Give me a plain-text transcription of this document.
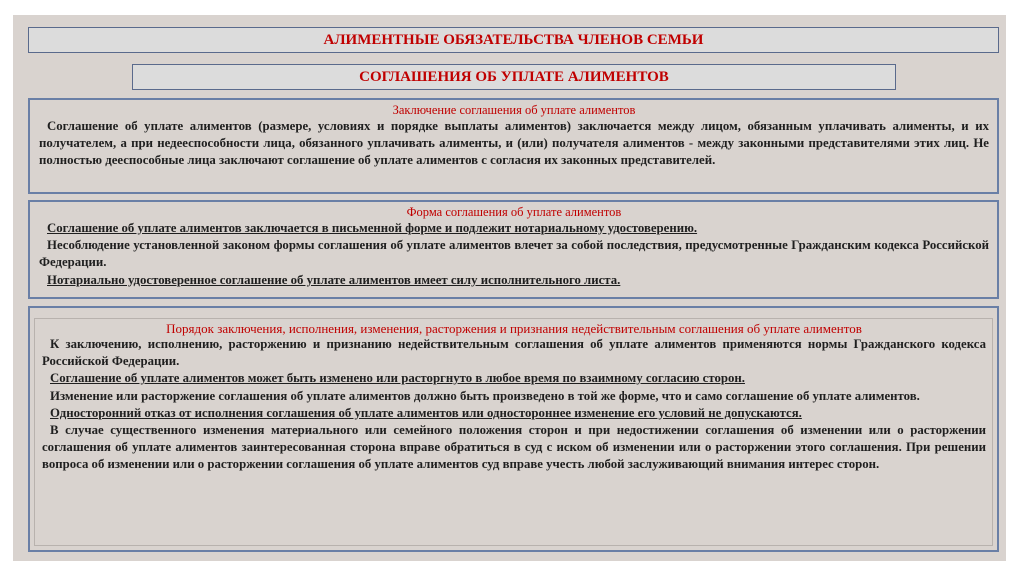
АЛИМЕНТНЫЕ ОБЯЗАТЕЛЬСТВА ЧЛЕНОВ СЕМЬИ
СОГЛАШЕНИЯ ОБ УПЛАТЕ АЛИМЕНТОВ

Заключение соглашения об уплате алиментов

Соглашение об уплате алиментов (размере, условиях и порядке выплаты алиментов) заключается между лицом, обязанным уплачивать алименты, и их получателем, а при недееспособности лица, обязанного уплачивать алименты, и (или) получателя алиментов - между законными представителями этих лиц. Не полностью дееспособные лица заключают соглашение об уплате алиментов с согласия их законных представителей.

Форма соглашения об уплате алиментов

Соглашение об уплате алиментов заключается в письменной форме и подлежит нотариальному удостоверению.

Несоблюдение установленной законом формы соглашения об уплате алиментов влечет за собой последствия, предусмотренные Гражданским кодекса Российской Федерации.

Нотариально удостоверенное соглашение об уплате алиментов имеет силу исполнительного листа.

Порядок заключения, исполнения, изменения, расторжения и признания недействительным соглашения об уплате алиментов

К заключению, исполнению, расторжению и признанию недействительным соглашения об уплате алиментов применяются нормы Гражданского кодекса Российской Федерации.

Соглашение об уплате алиментов может быть изменено или расторгнуто в любое время по взаимному согласию сторон.

Изменение или расторжение соглашения об уплате алиментов должно быть произведено в той же форме, что и само соглашение об уплате алиментов.

Односторонний отказ от исполнения соглашения об уплате алиментов или одностороннее изменение его условий не допускаются.

В случае существенного изменения материального или семейного положения сторон и при недостижении соглашения об изменении или о расторжении соглашения об уплате алиментов заинтересованная сторона вправе обратиться в суд с иском об изменении или о расторжении этого соглашения. При решении вопроса об изменении или о расторжении соглашения об уплате алиментов суд вправе учесть любой заслуживающий внимания интерес сторон.
